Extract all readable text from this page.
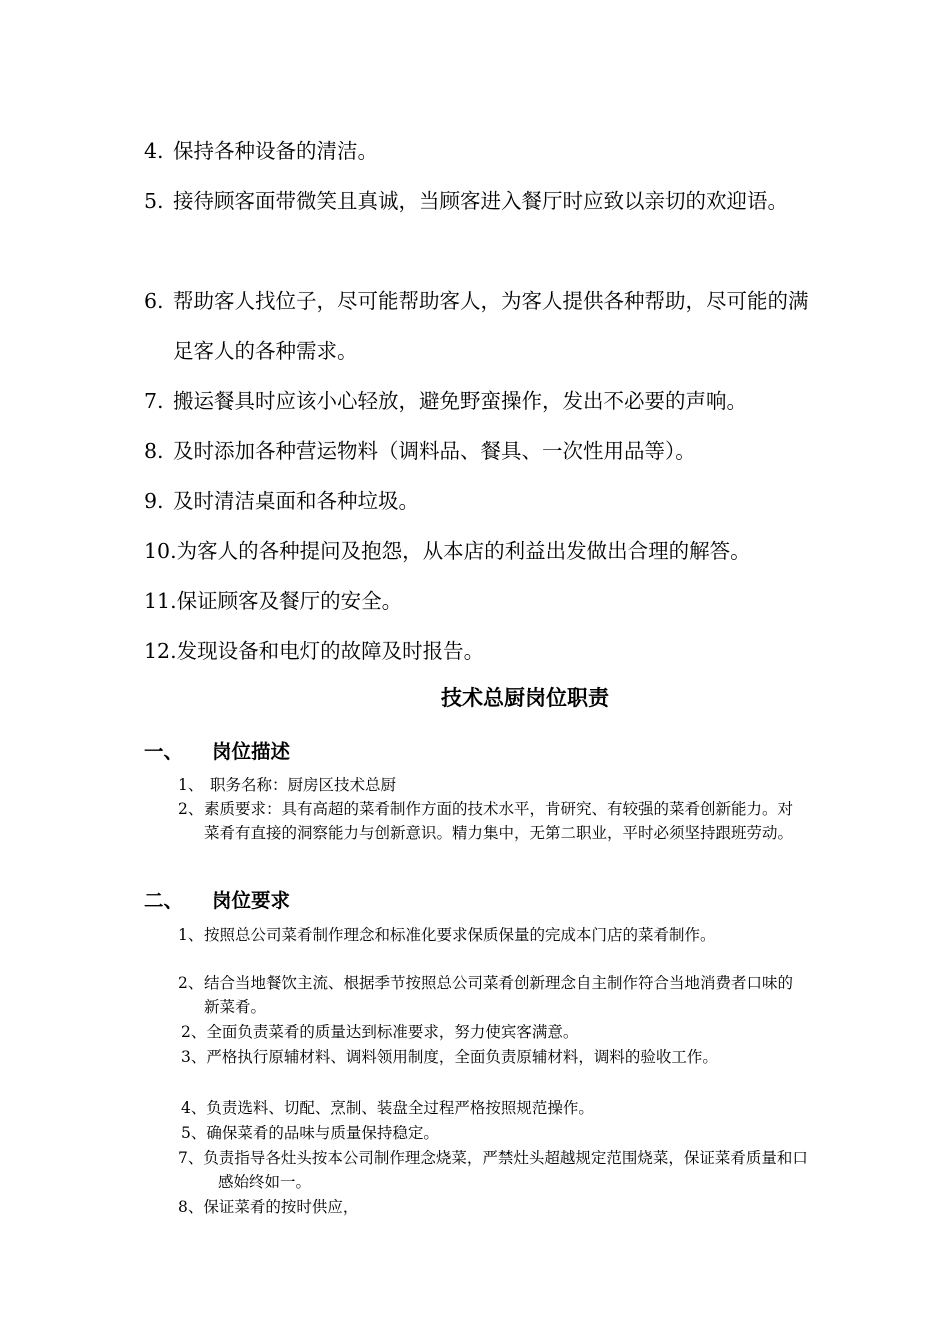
4. 保持各种设备的清洁。
5. 接待顾客面带微笑且真诚，当顾客进入餐厅时应致以亲切的欢迎语。
6. 帮助客人找位子，尽可能帮助客人，为客人提供各种帮助，尽可能的满足客人的各种需求。
7. 搬运餐具时应该小心轻放，避免野蛮操作，发出不必要的声响。
8. 及时添加各种营运物料（调料品、餐具、一次性用品等）。
9. 及时清洁桌面和各种垃圾。
10.为客人的各种提问及抱怨，从本店的利益出发做出合理的解答。
11.保证顾客及餐厅的安全。
12.发现设备和电灯的故障及时报告。
技术总厨岗位职责
一、 岗位描述
1、 职务名称：厨房区技术总厨
2、 素质要求：具有高超的菜肴制作方面的技术水平，肯研究、有较强的菜肴创新能力。对菜肴有直接的洞察能力与创新意识。精力集中，无第二职业，平时必须坚持跟班劳动。
二、 岗位要求
1、 按照总公司菜肴制作理念和标准化要求保质保量的完成本门店的菜肴制作。
2、 结合当地餐饮主流、根据季节按照总公司菜肴创新理念自主制作符合当地消费者口味的新菜肴。
2、全面负责菜肴的质量达到标准要求，努力使宾客满意。
3、严格执行原辅材料、调料领用制度，全面负责原辅材料，调料的验收工作。
4、负责选料、切配、烹制、装盘全过程严格按照规范操作。
5、确保菜肴的品味与质量保持稳定。
7、负责指导各灶头按本公司制作理念烧菜，严禁灶头超越规定范围烧菜，保证菜肴质量和口感始终如一。
8、保证菜肴的按时供应，
